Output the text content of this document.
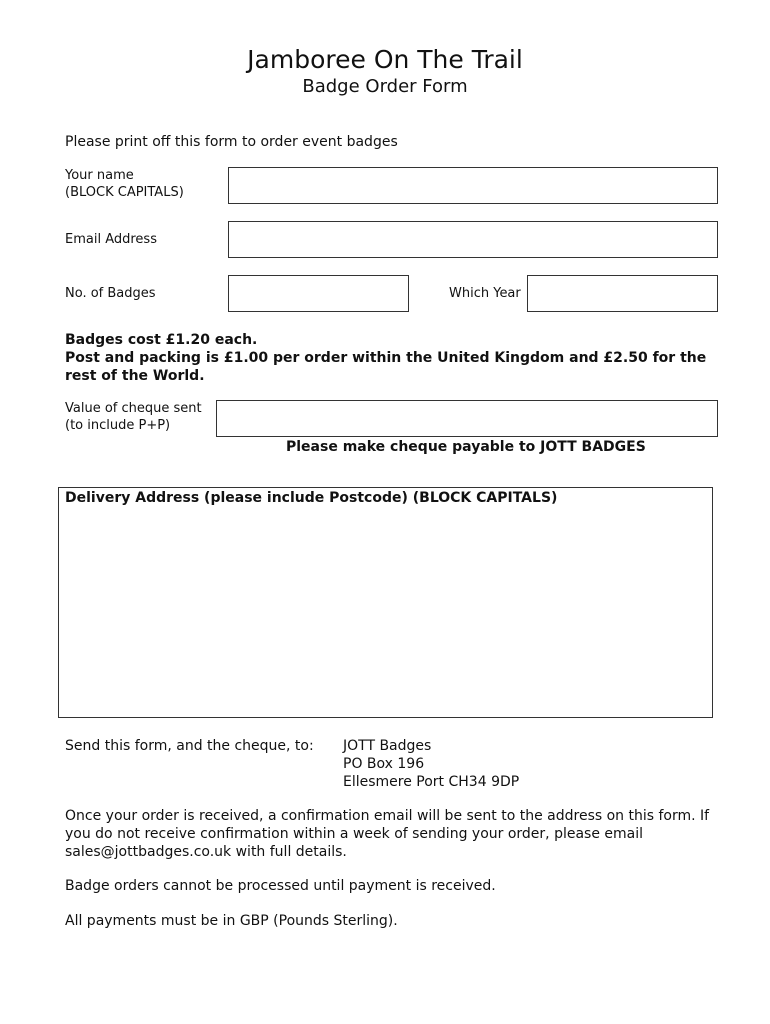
Jamboree On The Trail
Badge Order Form
Please print off this form to order event badges
Your name
(BLOCK CAPITALS)
Email Address
No. of Badges	Which Year
Badges cost £1.20 each.
Post and packing is £1.00 per order within the United Kingdom and £2.50 for the
rest of the World.
Value of cheque sent
(to include P+P)
Please make cheque payable to JOTT BADGES
Delivery Address (please include Postcode) (BLOCK CAPITALS)
Send this form, and the cheque, to: JOTT Badges
PO Box 196
Ellesmere Port CH34 9DP
Once your order is received, a confirmation email will be sent to the address on this form. If
you do not receive confirmation within a week of sending your order, please email
sales@jottbadges.co.uk with full details.
Badge orders cannot be processed until payment is received.
All payments must be in GBP (Pounds Sterling).
